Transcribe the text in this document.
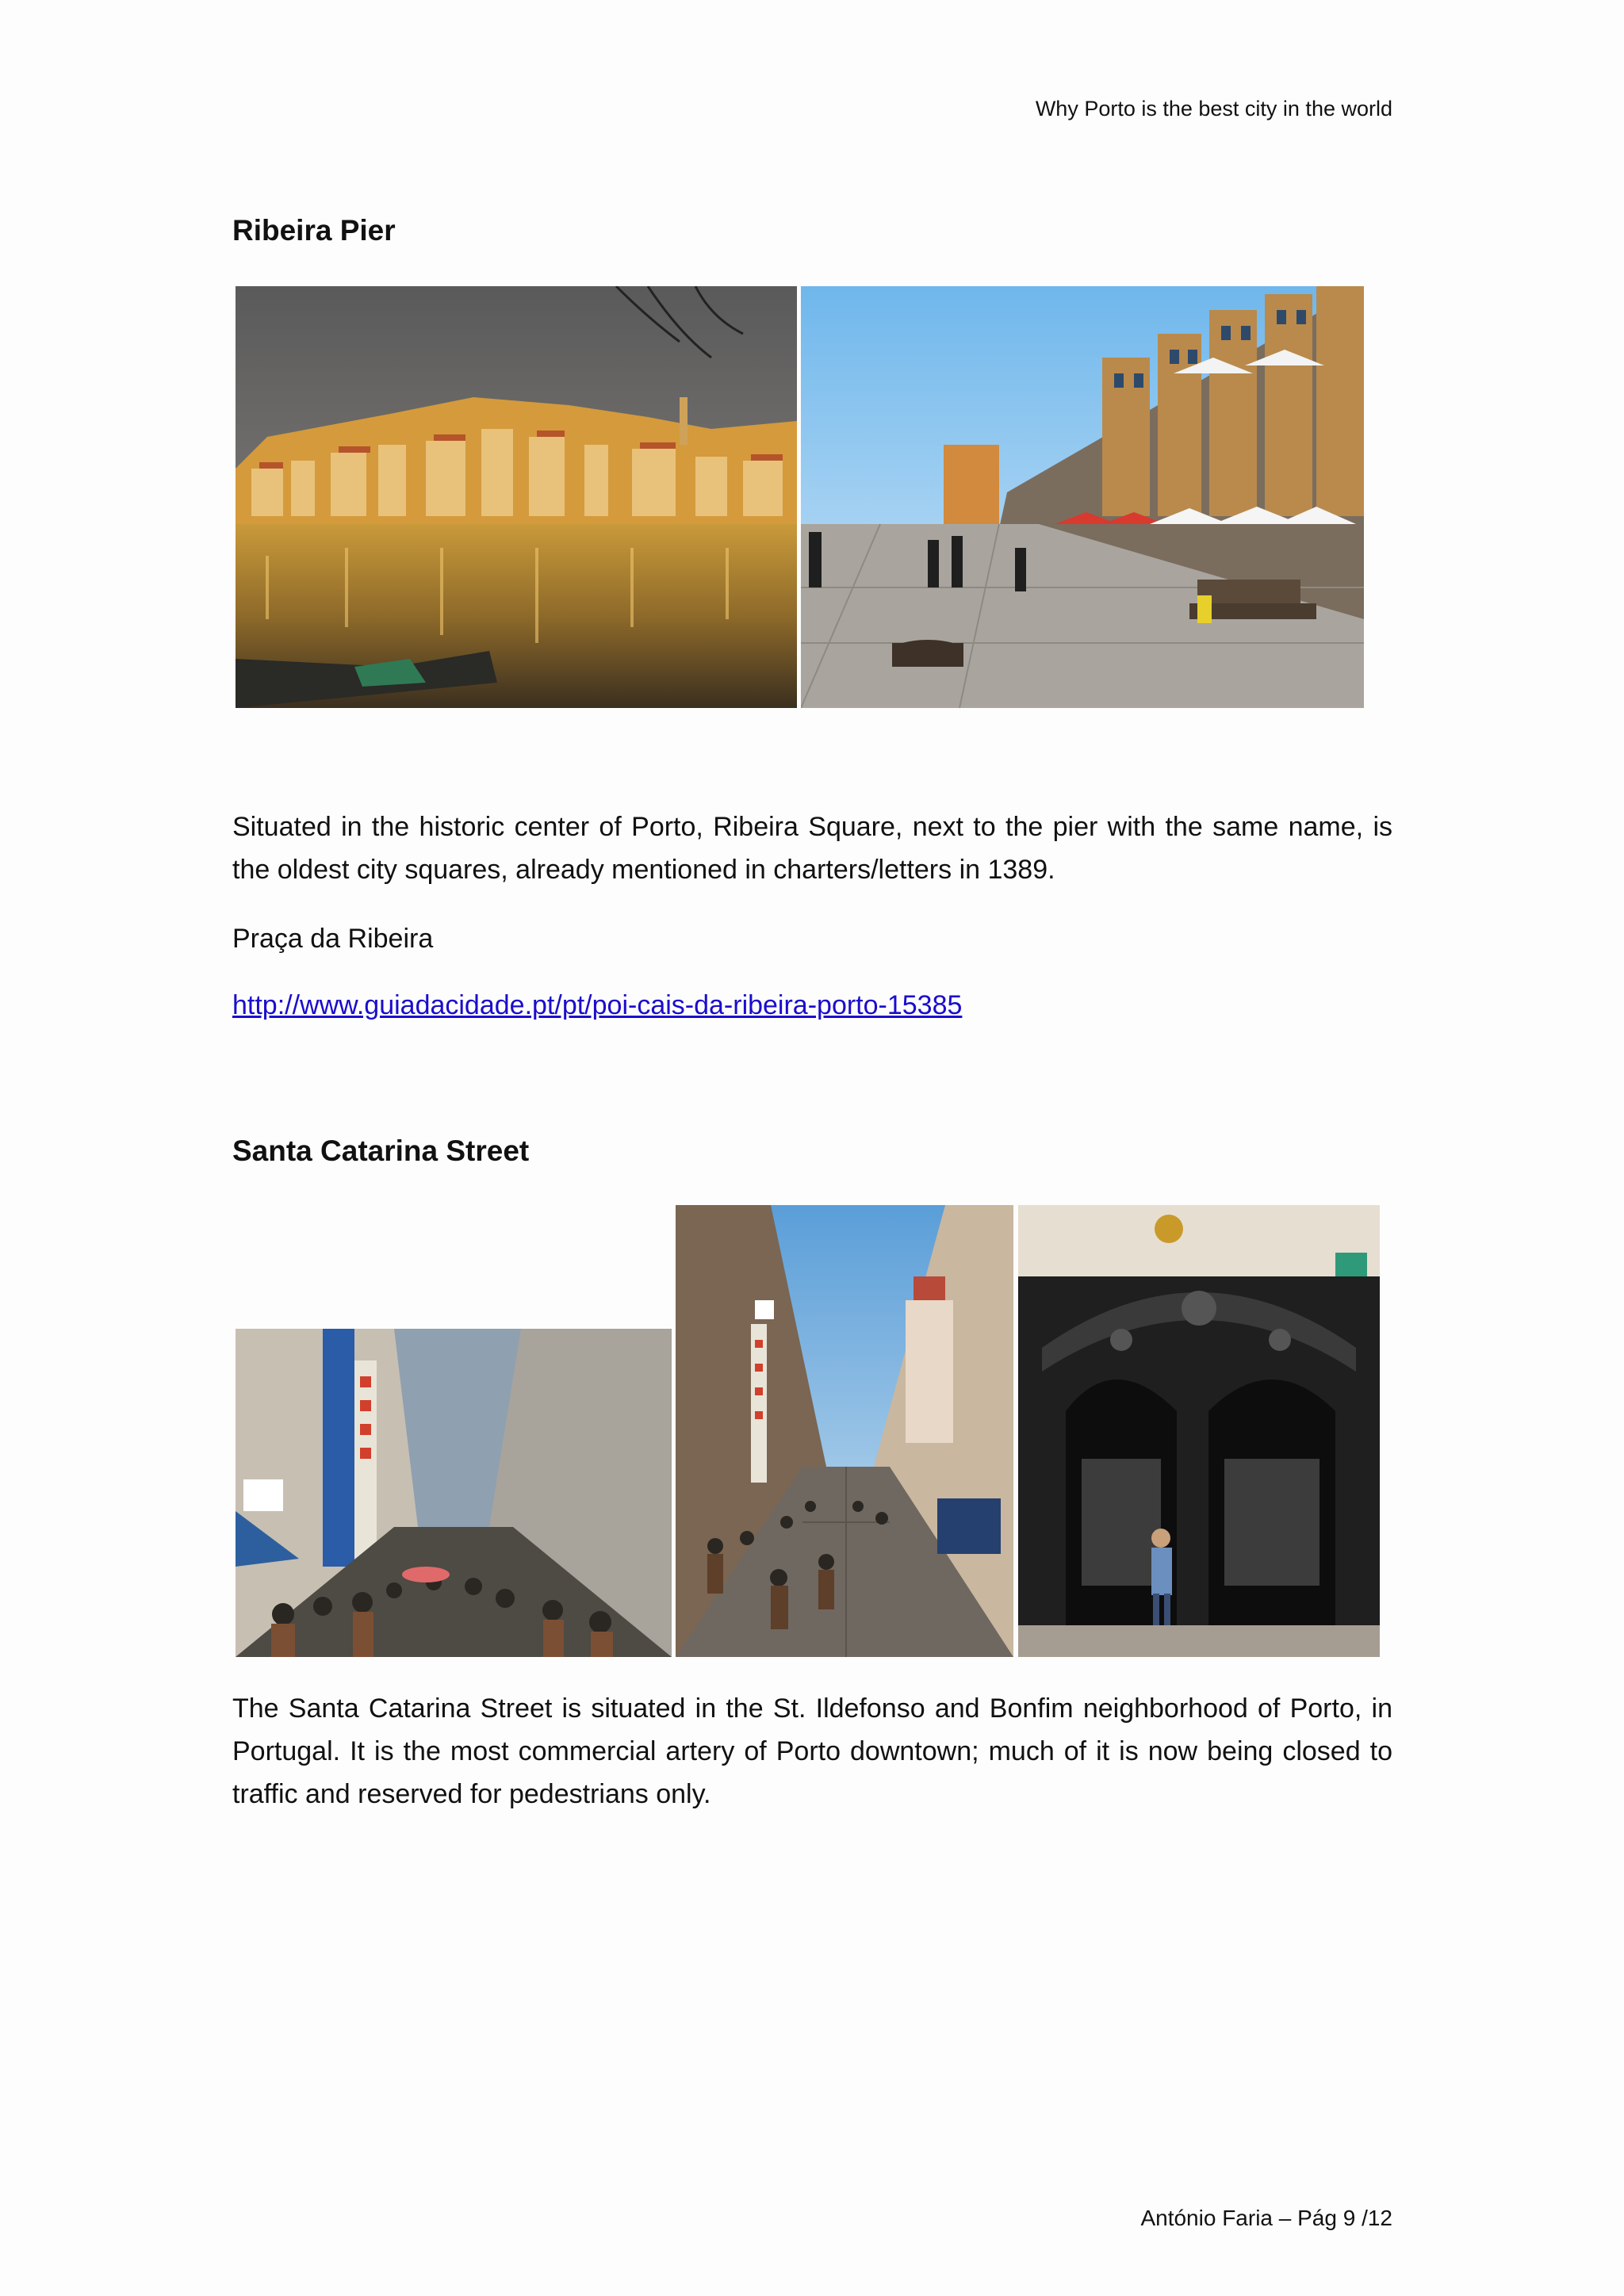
Why Porto is the best city in the world
Ribeira Pier
Situated in the historic center of Porto, Ribeira Square, next to the pier with the same name, is the oldest city squares, already mentioned in charters/letters in 1389.
Praça da Ribeira
http://www.guiadacidade.pt/pt/poi-cais-da-ribeira-porto-15385
Santa Catarina Street
The Santa Catarina Street is situated in the St. Ildefonso and Bonfim neighborhood of Porto, in Portugal. It is the most commercial artery of Porto downtown; much of it is now being closed to traffic and reserved for pedestrians only.
António Faria – Pág 9 /12
